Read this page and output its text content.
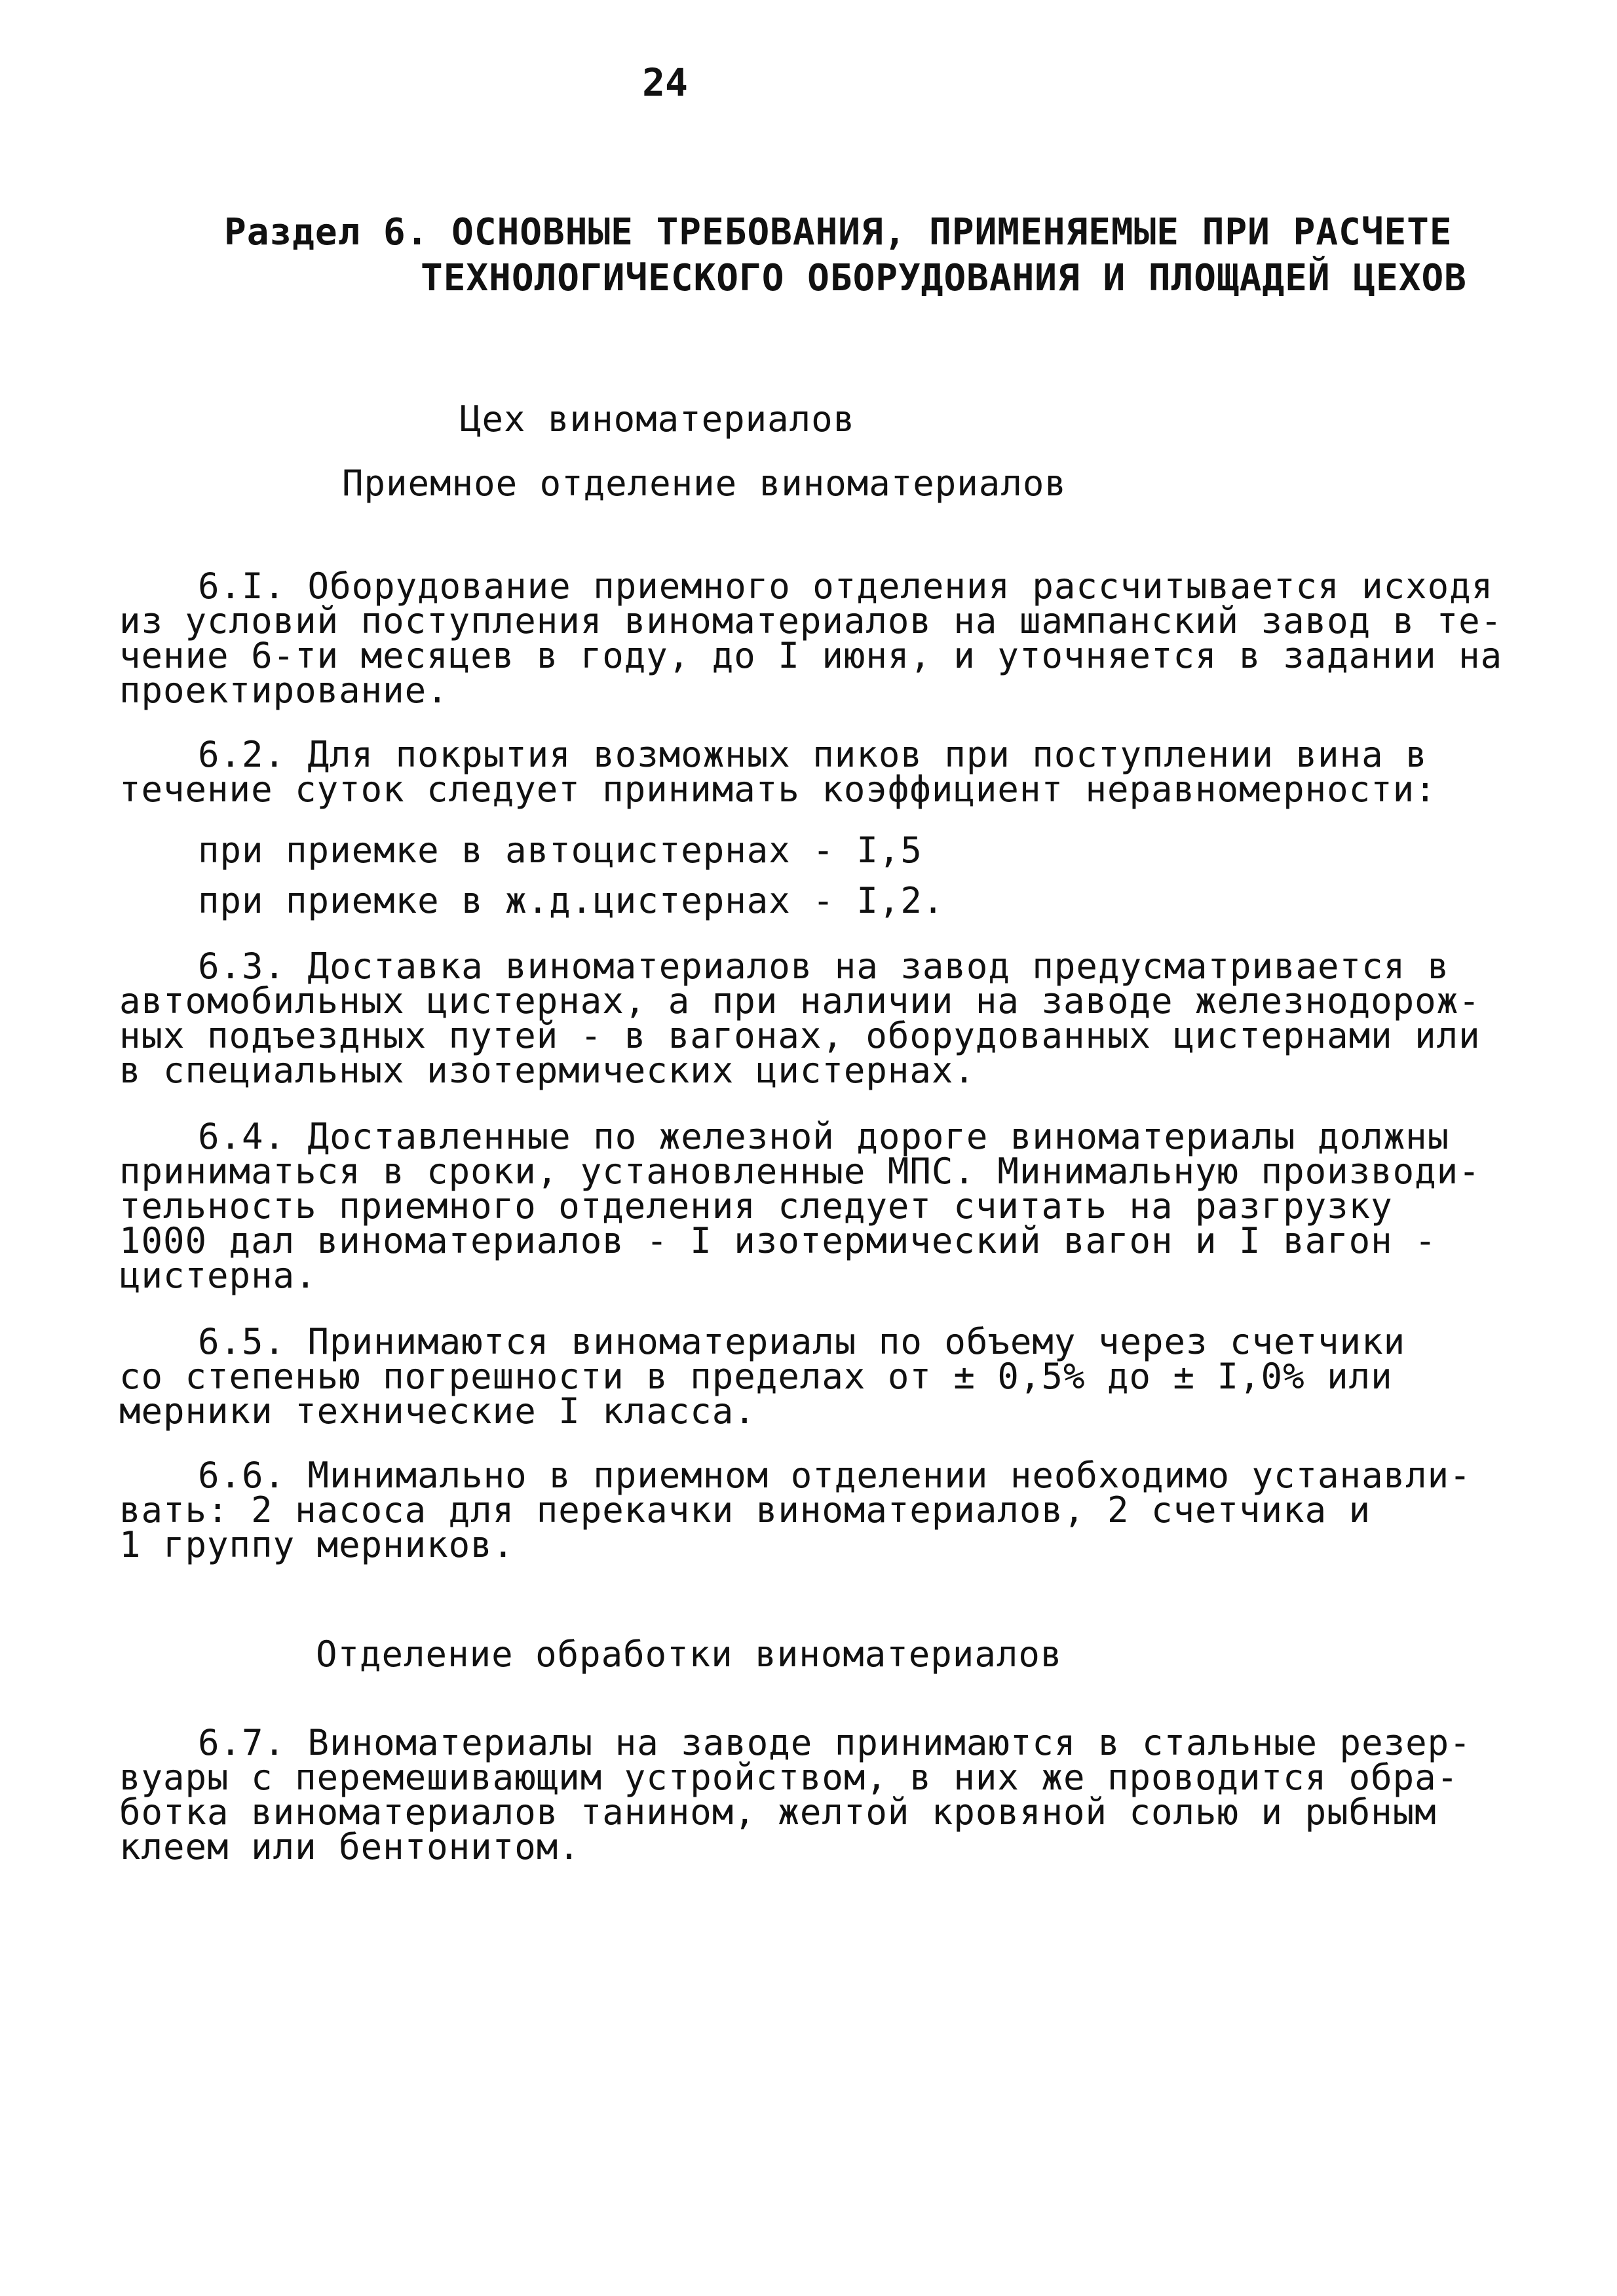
24
Раздел 6. ОСНОВНЫЕ ТРЕБОВАНИЯ, ПРИМЕНЯЕМЫЕ ПРИ РАСЧЕТЕ
ТЕХНОЛОГИЧЕСКОГО ОБОРУДОВАНИЯ И ПЛОЩАДЕЙ ЦЕХОВ
Цех виноматериалов
Приемное отделение виноматериалов
6.I. Оборудование приемного отделения рассчитывается исходя
из условий поступления виноматериалов на шампанский завод в те-
чение 6-ти месяцев в году, до I июня, и уточняется в задании на
проектирование.
6.2. Для покрытия возможных пиков при поступлении вина в
течение суток следует принимать коэффициент неравномерности:
при приемке в автоцистернах - I,5
при приемке в ж.д.цистернах - I,2.
6.3. Доставка виноматериалов на завод предусматривается в
автомобильных цистернах, а при наличии на заводе железнодорож-
ных подъездных путей - в вагонах, оборудованных цистернами или
в специальных изотермических цистернах.
6.4. Доставленные по железной дороге виноматериалы должны
приниматься в сроки, установленные МПС. Минимальную производи-
тельность приемного отделения следует считать на разгрузку
1000 дал виноматериалов - I изотермический вагон и I вагон -
цистерна.
6.5. Принимаются виноматериалы по объему через счетчики
со степенью погрешности в пределах от ± 0,5% до ± I,0% или
мерники технические I класса.
6.6. Минимально в приемном отделении необходимо устанавли-
вать: 2 насоса для перекачки виноматериалов, 2 счетчика и
1 группу мерников.
Отделение обработки виноматериалов
6.7. Виноматериалы на заводе принимаются в стальные резер-
вуары с перемешивающим устройством, в них же проводится обра-
ботка виноматериалов танином, желтой кровяной солью и рыбным
клеем или бентонитом.
